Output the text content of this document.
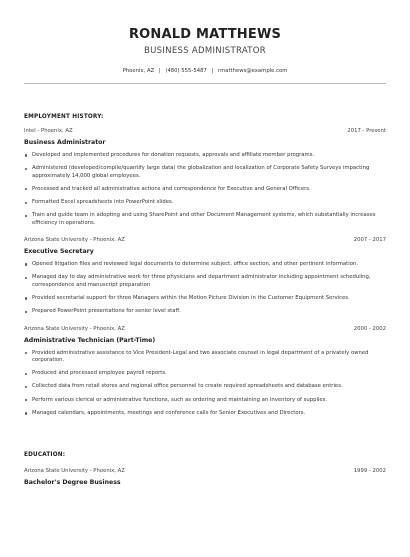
RONALD MATTHEWS
BUSINESS ADMINISTRATOR
Phoenix, AZ | (480) 555-5487 | rmatthews@example.com
EMPLOYMENT HISTORY:
Intel - Phoenix, AZ	2017 - Present
Business Administrator
Developed and implemented procedures for donation requests, approvals and affiliate member programs.
Administered (developed/compile/quantify large data) the globalization and localization of Corporate Safety Surveys impacting approximately 14,000 global employees.
Processed and tracked all administrative actions and correspondence for Executive and General Officers.
Formatted Excel spreadsheets into PowerPoint slides.
Train and guide team in adopting and using SharePoint and other Document Management systems, which substantially increases efficiency in operations.
Arizona State University - Phoenix, AZ	2007 - 2017
Executive Secretary
Opened litigation files and reviewed legal documents to determine subject, office section, and other pertinent information.
Managed day to day administrative work for three physicians and department administrator including appointment scheduling, correspondence and manuscript preparation
Provided secretarial support for three Managers within the Motion Picture Division in the Customer Equipment Services.
Prepared PowerPoint presentations for senior level staff.
Arizona State University - Phoenix, AZ	2000 - 2002
Administrative Technician (Part-Time)
Provided administrative assistance to Vice President-Legal and two associate counsel in legal department of a privately owned corporation.
Produced and processed employee payroll reports.
Collected data from retail stores and regional office personnel to create required spreadsheets and database entries.
Perform various clerical or administrative functions, such as ordering and maintaining an inventory of supplies.
Managed calendars, appointments, meetings and conference calls for Senior Executives and Directors.
EDUCATION:
Arizona State University - Phoenix, AZ	1999 - 2002
Bachelor's Degree Business
